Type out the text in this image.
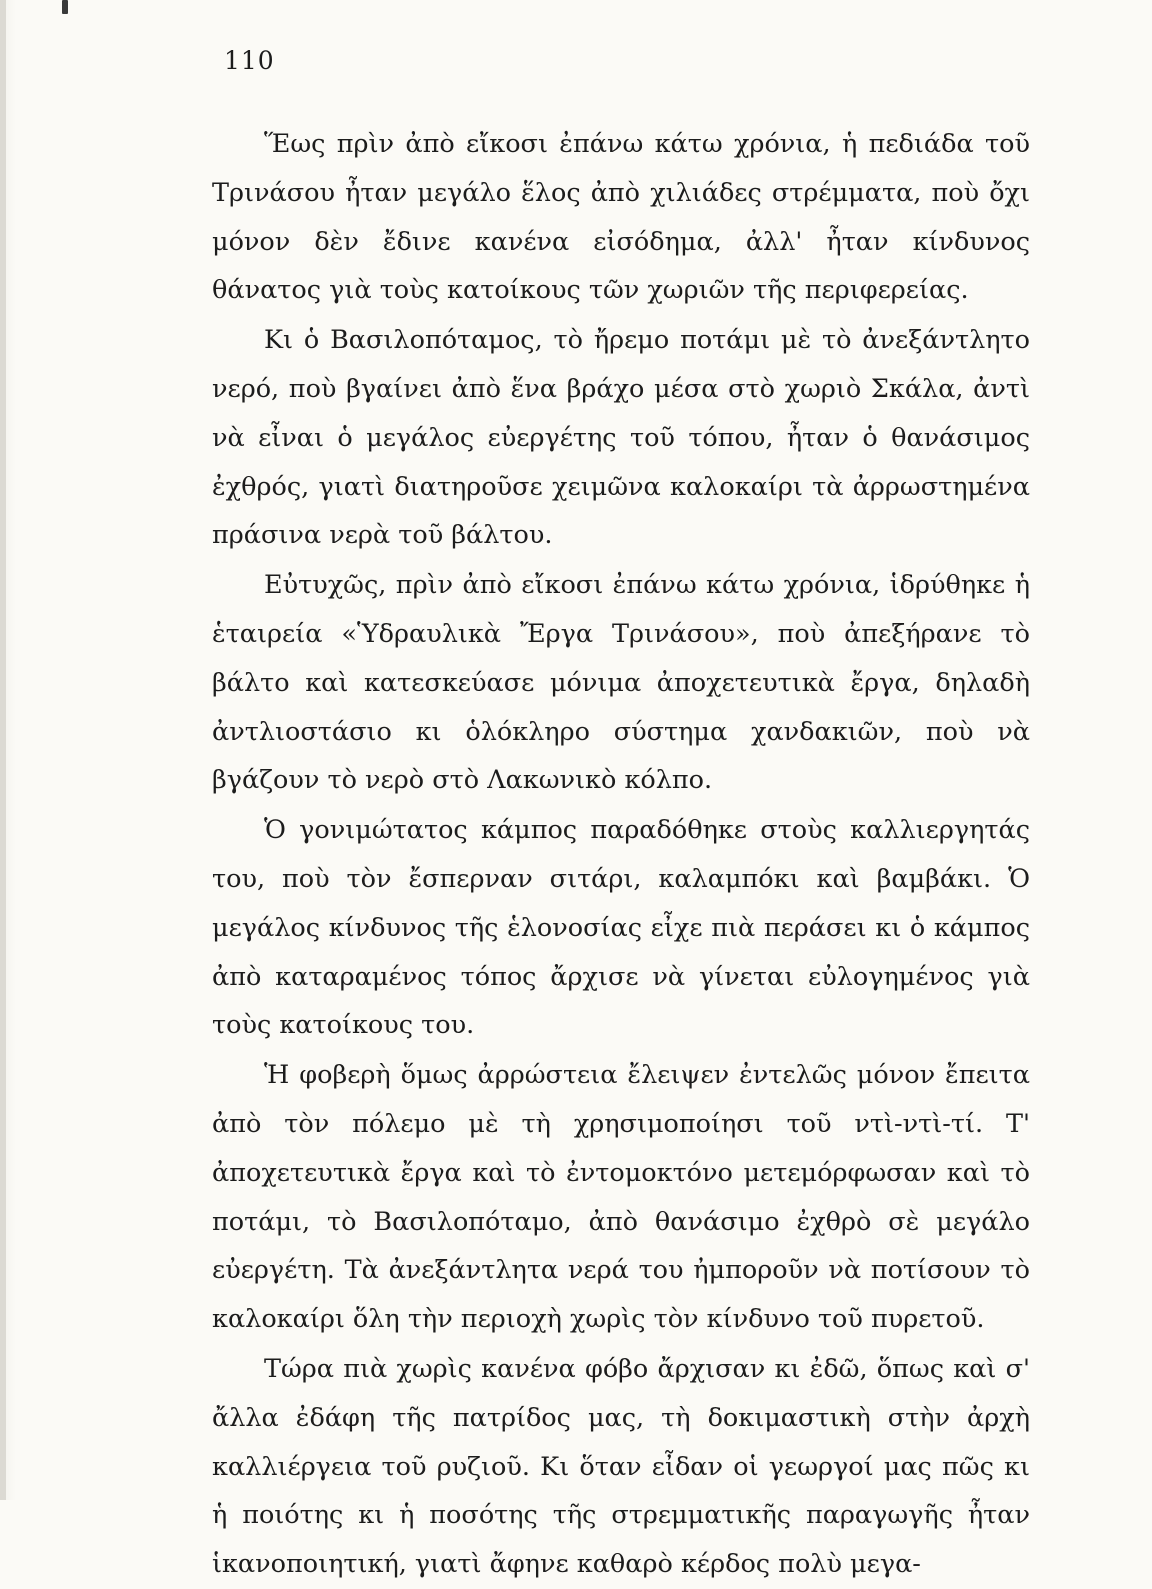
110

Ἕως πρὶν ἀπὸ εἴκοσι ἐπάνω κάτω χρόνια, ἡ πεδιάδα τοῦ Τρινάσου ἦταν μεγάλο ἕλος ἀπὸ χιλιάδες στρέμματα, ποὺ ὄχι μόνον δὲν ἔδινε κανένα εἰσόδημα, ἀλλ' ἦταν κίνδυνος θάνατος γιὰ τοὺς κατοίκους τῶν χωριῶν τῆς περιφερείας.

Κι ὁ Βασιλοπόταμος, τὸ ἤρεμο ποτάμι μὲ τὸ ἀνεξάντλητο νερό, ποὺ βγαίνει ἀπὸ ἕνα βράχο μέσα στὸ χωριὸ Σκάλα, ἀντὶ νὰ εἶναι ὁ μεγάλος εὐεργέτης τοῦ τόπου, ἦταν ὁ θανάσιμος ἐχθρός, γιατὶ διατηροῦσε χειμῶνα καλοκαίρι τὰ ἀρρωστημένα πράσινα νερὰ τοῦ βάλτου.

Εὐτυχῶς, πρὶν ἀπὸ εἴκοσι ἐπάνω κάτω χρόνια, ἱδρύθηκε ἡ ἑταιρεία «Ὑδραυλικὰ Ἔργα Τρινάσου», ποὺ ἀπεξήρανε τὸ βάλτο καὶ κατεσκεύασε μόνιμα ἀποχετευτικὰ ἔργα, δηλαδὴ ἀντλιοστάσιο κι ὁλόκληρο σύστημα χανδακιῶν, ποὺ νὰ βγάζουν τὸ νερὸ στὸ Λακωνικὸ κόλπο.

Ὁ γονιμώτατος κάμπος παραδόθηκε στοὺς καλλιεργητάς του, ποὺ τὸν ἔσπερναν σιτάρι, καλαμπόκι καὶ βαμβάκι. Ὁ μεγάλος κίνδυνος τῆς ἑλονοσίας εἶχε πιὰ περάσει κι ὁ κάμπος ἀπὸ καταραμένος τόπος ἄρχισε νὰ γίνεται εὐλογημένος γιὰ τοὺς κατοίκους του.

Ἡ φοβερὴ ὅμως ἀρρώστεια ἔλειψεν ἐντελῶς μόνον ἔπειτα ἀπὸ τὸν πόλεμο μὲ τὴ χρησιμοποίησι τοῦ ντὶ-ντὶ-τί. Τ' ἀποχετευτικὰ ἔργα καὶ τὸ ἐντομοκτόνο μετεμόρφωσαν καὶ τὸ ποτάμι, τὸ Βασιλοπόταμο, ἀπὸ θανάσιμο ἐχθρὸ σὲ μεγάλο εὐεργέτη. Τὰ ἀνεξάντλητα νερά του ἠμποροῦν νὰ ποτίσουν τὸ καλοκαίρι ὅλη τὴν περιοχὴ χωρὶς τὸν κίνδυνο τοῦ πυρετοῦ.

Τώρα πιὰ χωρὶς κανένα φόβο ἄρχισαν κι ἐδῶ, ὅπως καὶ σ' ἄλλα ἐδάφη τῆς πατρίδος μας, τὴ δοκιμαστικὴ στὴν ἀρχὴ καλλιέργεια τοῦ ρυζιοῦ. Κι ὅταν εἶδαν οἱ γεωργοί μας πῶς κι ἡ ποιότης κι ἡ ποσότης τῆς στρεμματικῆς παραγωγῆς ἦταν ἱκανοποιητική, γιατὶ ἄφηνε καθαρὸ κέρδος πολὺ μεγα-
